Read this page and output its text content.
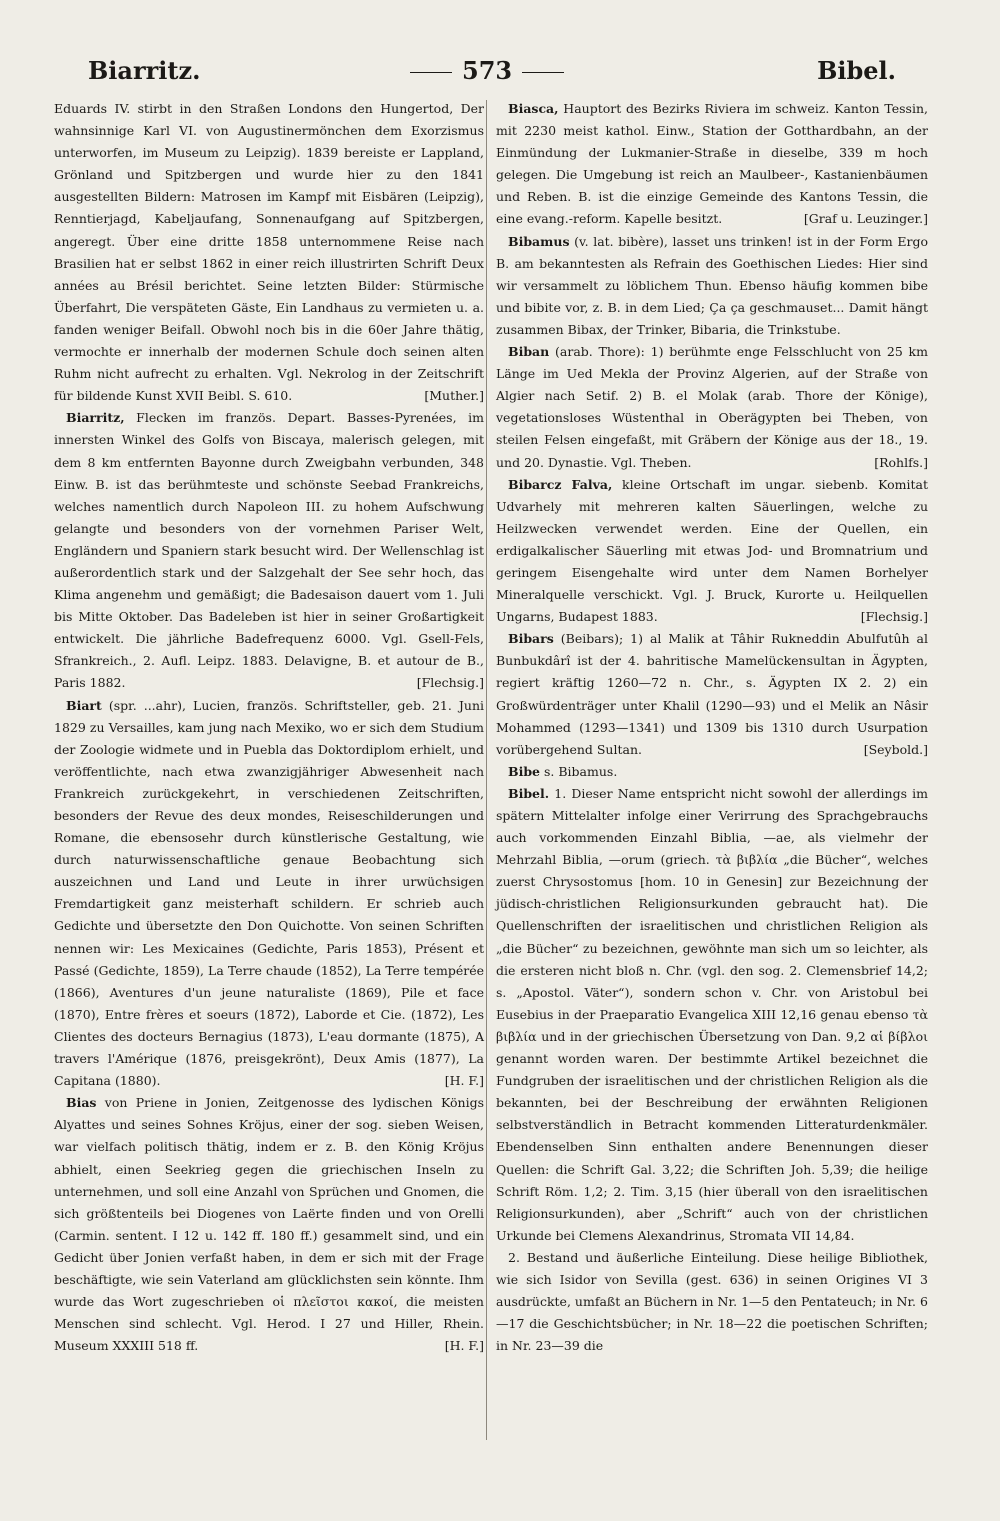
Biarritz.	573	Bibel.

Eduards IV. stirbt in den Straßen Londons den Hungertod, Der wahnsinnige Karl VI. von Augustinermönchen dem Exorzismus unterworfen, im Museum zu Leipzig). 1839 bereiste er Lappland, Grönland und Spitzbergen und wurde hier zu den 1841 ausgestellten Bildern: Matrosen im Kampf mit Eisbären (Leipzig), Renntierjagd, Kabeljaufang, Sonnenaufgang auf Spitzbergen, angeregt. Über eine dritte 1858 unternommene Reise nach Brasilien hat er selbst 1862 in einer reich illustrirten Schrift Deux années au Brésil berichtet. Seine letzten Bilder: Stürmische Überfahrt, Die verspäteten Gäste, Ein Landhaus zu vermieten u. a. fanden weniger Beifall. Obwohl noch bis in die 60er Jahre thätig, vermochte er innerhalb der modernen Schule doch seinen alten Ruhm nicht aufrecht zu erhalten. Vgl. Nekrolog in der Zeitschrift für bildende Kunst XVII Beibl. S. 610.	[Muther.]

Biarritz, Flecken im französ. Depart. Basses-Pyrenées, im innersten Winkel des Golfs von Biscaya, malerisch gelegen, mit dem 8 km entfernten Bayonne durch Zweigbahn verbunden, 348 Einw. B. ist das berühmteste und schönste Seebad Frankreichs, welches namentlich durch Napoleon III. zu hohem Aufschwung gelangte und besonders von der vornehmen Pariser Welt, Engländern und Spaniern stark besucht wird. Der Wellenschlag ist außerordentlich stark und der Salzgehalt der See sehr hoch, das Klima angenehm und gemäßigt; die Badesaison dauert vom 1. Juli bis Mitte Oktober. Das Badeleben ist hier in seiner Großartigkeit entwickelt. Die jährliche Badefrequenz 6000. Vgl. Gsell-Fels, Sfrankreich., 2. Aufl. Leipz. 1883. Delavigne, B. et autour de B., Paris 1882.	[Flechsig.]

Biart (spr. ...ahr), Lucien, französ. Schriftsteller, geb. 21. Juni 1829 zu Versailles, kam jung nach Mexiko, wo er sich dem Studium der Zoologie widmete und in Puebla das Doktordiplom erhielt, und veröffentlichte, nach etwa zwanzigjähriger Abwesenheit nach Frankreich zurückgekehrt, in verschiedenen Zeitschriften, besonders der Revue des deux mondes, Reiseschilderungen und Romane, die ebensosehr durch künstlerische Gestaltung, wie durch naturwissenschaftliche genaue Beobachtung sich auszeichnen und Land und Leute in ihrer urwüchsigen Fremdartigkeit ganz meisterhaft schildern. Er schrieb auch Gedichte und übersetzte den Don Quichotte. Von seinen Schriften nennen wir: Les Mexicaines (Gedichte, Paris 1853), Présent et Passé (Gedichte, 1859), La Terre chaude (1852), La Terre tempérée (1866), Aventures d'un jeune naturaliste (1869), Pile et face (1870), Entre frères et soeurs (1872), Laborde et Cie. (1872), Les Clientes des docteurs Bernagius (1873), L'eau dormante (1875), A travers l'Amérique (1876, preisgekrönt), Deux Amis (1877), La Capitana (1880).	[H. F.]

Bias von Priene in Jonien, Zeitgenosse des lydischen Königs Alyattes und seines Sohnes Kröjus, einer der sog. sieben Weisen, war vielfach politisch thätig, indem er z. B. den König Kröjus abhielt, einen Seekrieg gegen die griechischen Inseln zu unternehmen, und soll eine Anzahl von Sprüchen und Gnomen, die sich größtenteils bei Diogenes von Laërte finden und von Orelli (Carmin. sentent. I 12 u. 142 ff. 180 ff.) gesammelt sind, und ein Gedicht über Jonien verfaßt haben, in dem er sich mit der Frage beschäftigte, wie sein Vaterland am glücklichsten sein könnte. Ihm wurde das Wort zugeschrieben οἱ πλεῖστοι κακοί, die meisten Menschen sind schlecht. Vgl. Herod. I 27 und Hiller, Rhein. Museum XXXIII 518 ff.	[H. F.]

Biasca, Hauptort des Bezirks Riviera im schweiz. Kanton Tessin, mit 2230 meist kathol. Einw., Station der Gotthardbahn, an der Einmündung der Lukmanier-Straße in dieselbe, 339 m hoch gelegen. Die Umgebung ist reich an Maulbeer-, Kastanienbäumen und Reben. B. ist die einzige Gemeinde des Kantons Tessin, die eine evang.-reform. Kapelle besitzt.	[Graf u. Leuzinger.]

Bibamus (v. lat. bibère), lasset uns trinken! ist in der Form Ergo B. am bekanntesten als Refrain des Goethischen Liedes: Hier sind wir versammelt zu löblichem Thun. Ebenso häufig kommen bibe und bibite vor, z. B. in dem Lied; Ça ça geschmauset... Damit hängt zusammen Bibax, der Trinker, Bibaria, die Trinkstube.

Biban (arab. Thore): 1) berühmte enge Felsschlucht von 25 km Länge im Ued Mekla der Provinz Algerien, auf der Straße von Algier nach Setif. 2) B. el Molak (arab. Thore der Könige), vegetationsloses Wüstenthal in Oberägypten bei Theben, von steilen Felsen eingefaßt, mit Gräbern der Könige aus der 18., 19. und 20. Dynastie. Vgl. Theben.	[Rohlfs.]

Bibarcz Falva, kleine Ortschaft im ungar. siebenb. Komitat Udvarhely mit mehreren kalten Säuerlingen, welche zu Heilzwecken verwendet werden. Eine der Quellen, ein erdigalkalischer Säuerling mit etwas Jod- und Bromnatrium und geringem Eisengehalte wird unter dem Namen Borhelyer Mineralquelle verschickt. Vgl. J. Bruck, Kurorte u. Heilquellen Ungarns, Budapest 1883.	[Flechsig.]

Bibars (Beibars); 1) al Malik at Tâhir Rukneddin Abulfutûh al Bunbukdârî ist der 4. bahritische Mamelückensultan in Ägypten, regiert kräftig 1260—72 n. Chr., s. Ägypten IX 2. 2) ein Großwürdenträger unter Khalil (1290—93) und el Melik an Nâsir Mohammed (1293—1341) und 1309 bis 1310 durch Usurpation vorübergehend Sultan.	[Seybold.]

Bibe s. Bibamus.

Bibel. 1. Dieser Name entspricht nicht sowohl der allerdings im spätern Mittelalter infolge einer Verirrung des Sprachgebrauchs auch vorkommenden Einzahl Biblia, —ae, als vielmehr der Mehrzahl Biblia, —orum (griech. τὰ βιβλία „die Bücher“, welches zuerst Chrysostomus [hom. 10 in Genesin] zur Bezeichnung der jüdisch-christlichen Religionsurkunden gebraucht hat). Die Quellenschriften der israelitischen und christlichen Religion als „die Bücher“ zu bezeichnen, gewöhnte man sich um so leichter, als die ersteren nicht bloß n. Chr. (vgl. den sog. 2. Clemensbrief 14,2; s. „Apostol. Väter“), sondern schon v. Chr. von Aristobul bei Eusebius in der Praeparatio Evangelica XIII 12,16 genau ebenso τὰ βιβλία und in der griechischen Übersetzung von Dan. 9,2 αἱ βίβλοι genannt worden waren. Der bestimmte Artikel bezeichnet die Fundgruben der israelitischen und der christlichen Religion als die bekannten, bei der Beschreibung der erwähnten Religionen selbstverständlich in Betracht kommenden Litteraturdenkmäler. Ebendenselben Sinn enthalten andere Benennungen dieser Quellen: die Schrift Gal. 3,22; die Schriften Joh. 5,39; die heilige Schrift Röm. 1,2; 2. Tim. 3,15 (hier überall von den israelitischen Religionsurkunden), aber „Schrift“ auch von der christlichen Urkunde bei Clemens Alexandrinus, Stromata VII 14,84.

2. Bestand und äußerliche Einteilung. Diese heilige Bibliothek, wie sich Isidor von Sevilla (gest. 636) in seinen Origines VI 3 ausdrückte, umfaßt an Büchern in Nr. 1—5 den Pentateuch; in Nr. 6—17 die Geschichtsbücher; in Nr. 18—22 die poetischen Schriften; in Nr. 23—39 die
